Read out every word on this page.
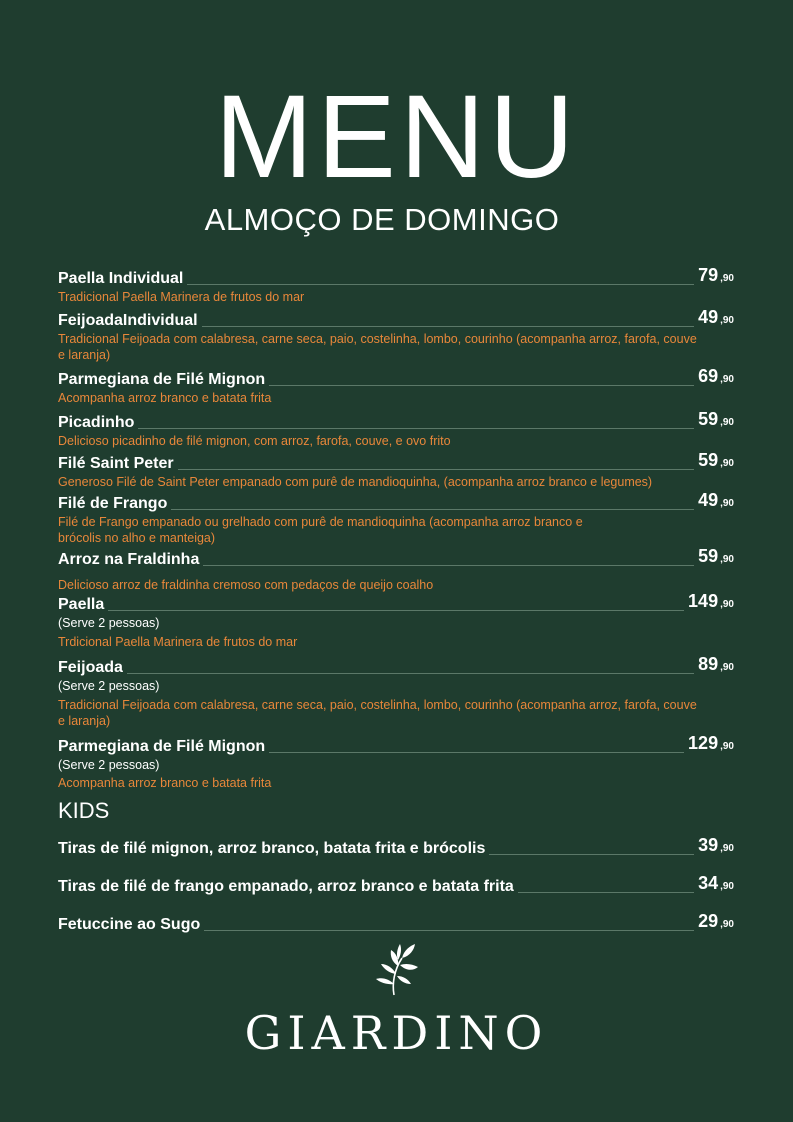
MENU
ALMOÇO DE DOMINGO
Paella Individual	79 ,90
Tradicional Paella Marinera de frutos do mar
FeijoadaIndividual	49 ,90
Tradicional Feijoada com calabresa, carne seca, paio, costelinha, lombo, courinho (acompanha arroz, farofa, couve e laranja)
Parmegiana de Filé Mignon	69 ,90
Acompanha arroz branco e batata frita
Picadinho	59 ,90
Delicioso picadinho de filé mignon, com arroz, farofa, couve, e ovo frito
Filé Saint Peter	59 ,90
Generoso Filé de Saint Peter empanado com purê de mandioquinha, (acompanha arroz branco e legumes)
Filé de Frango	49 ,90
Filé de Frango empanado ou grelhado com purê de mandioquinha (acompanha arroz branco e brócolis no alho e manteiga)
Arroz na Fraldinha	59 ,90
Delicioso arroz de fraldinha cremoso com pedaços de queijo coalho
Paella	149 ,90
(Serve 2 pessoas)
Trdicional Paella Marinera de frutos do mar
Feijoada	89 ,90
(Serve 2 pessoas)
Tradicional Feijoada com calabresa, carne seca, paio, costelinha, lombo, courinho (acompanha arroz, farofa, couve e laranja)
Parmegiana de Filé Mignon	129 ,90
(Serve 2 pessoas)
Acompanha arroz branco e batata frita
KIDS
Tiras de filé mignon, arroz branco, batata frita e brócolis	39 ,90
Tiras de filé de frango empanado, arroz branco e batata frita	34 ,90
Fetuccine ao Sugo	29 ,90
GIARDINO
